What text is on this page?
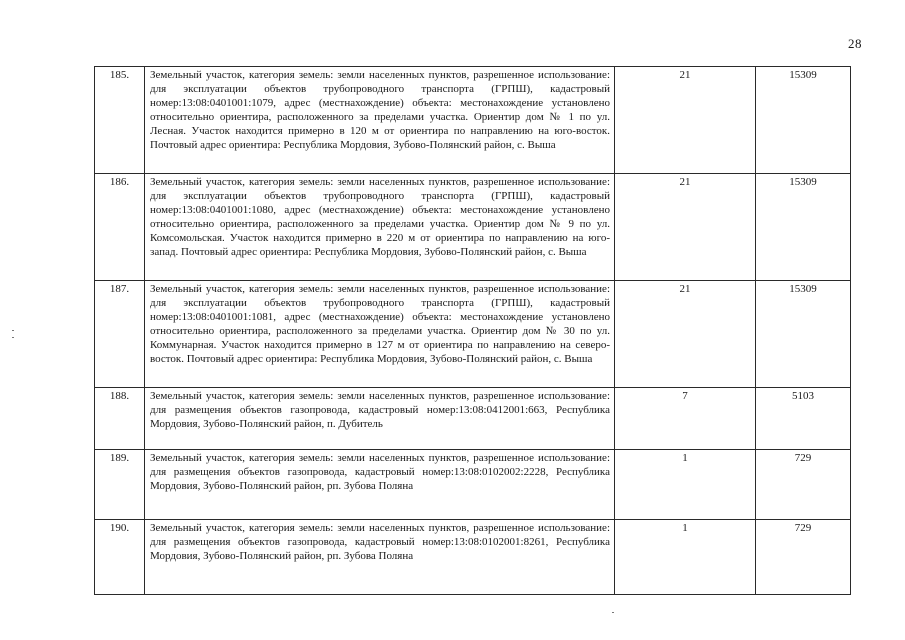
28
185.	Земельный участок, категория земель: земли населенных пунктов, разрешенное использование: для эксплуатации объектов трубопроводного транспорта (ГРПШ), кадастровый номер:13:08:0401001:1079, адрес (местнахождение) объекта: местонахождение установлено относительно ориентира, расположенного за пределами участка. Ориентир дом № 1 по ул. Лесная. Участок находится примерно в 120 м от ориентира по направлению на юго-восток. Почтовый адрес ориентира: Республика Мордовия, Зубово-Полянский район, с. Выша	21	15309
186.	Земельный участок, категория земель: земли населенных пунктов, разрешенное использование: для эксплуатации объектов трубопроводного транспорта (ГРПШ), кадастровый номер:13:08:0401001:1080, адрес (местнахождение) объекта: местонахождение установлено относительно ориентира, расположенного за пределами участка. Ориентир дом № 9 по ул. Комсомольская. Участок находится примерно в 220 м от ориентира по направлению на юго-запад. Почтовый адрес ориентира: Республика Мордовия, Зубово-Полянский район, с. Выша	21	15309
187.	Земельный участок, категория земель: земли населенных пунктов, разрешенное использование: для эксплуатации объектов трубопроводного транспорта (ГРПШ), кадастровый номер:13:08:0401001:1081, адрес (местнахождение) объекта: местонахождение установлено относительно ориентира, расположенного за пределами участка. Ориентир дом № 30 по ул. Коммунарная. Участок находится примерно в 127 м от ориентира по направлению на северо-восток. Почтовый адрес ориентира: Республика Мордовия, Зубово-Полянский район, с. Выша	21	15309
188.	Земельный участок, категория земель: земли населенных пунктов, разрешенное использование: для размещения объектов газопровода, кадастровый номер:13:08:0412001:663, Республика Мордовия, Зубово-Полянский район, п. Дубитель	7	5103
189.	Земельный участок, категория земель: земли населенных пунктов, разрешенное использование: для размещения объектов газопровода, кадастровый номер:13:08:0102002:2228, Республика Мордовия, Зубово-Полянский район, рп. Зубова Поляна	1	729
190.	Земельный участок, категория земель: земли населенных пунктов, разрешенное использование: для размещения объектов газопровода, кадастровый номер:13:08:0102001:8261, Республика Мордовия, Зубово-Полянский район, рп. Зубова Поляна	1	729
